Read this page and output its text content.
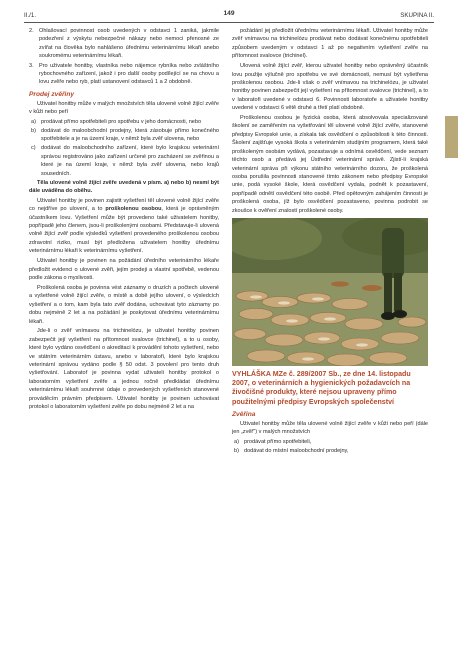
II./1.	149	SKUPINA II.
2. Ohlašovací povinnost osob uvedených v odstavci 1 zaniká, jakmile podezření z výskytu nebezpečné nákazy nebo nemoci přenosné ze zvířat na člověka bylo nahlášeno úřednímu veterinárnímu lékaři anebo soukromému veterinárnímu lékaři.
3. Pro uživatele honitby, vlastníka nebo nájemce rybníka nebo zvláštního rybochovného zařízení, jakož i pro další osoby podílející se na chovu a lovu zvěře nebo ryb, platí ustanovení odstavců 1 a 2 obdobně.
Prodej zvěřiny

Uživatel honitby může v malých množstvích těla ulovené volně žijící zvěře v kůži nebo peří

a) prodávat přímo spotřebiteli pro spotřebu v jeho domácnosti, nebo
b) dodávat do maloobchodní prodejny, která zásobuje přímo konečného spotřebitele a je na území kraje, v němž byla zvěř ulovena, nebo
c) dodávat do maloobchodního zařízení, které bylo krajskou veterinární správou registrováno jako zařízení určené pro zacházení se zvěřinou a které je na území kraje, v němž byla zvěř ulovena, nebo krajů sousedních.

Těla ulovené volně žijící zvěře uvedená v písm. a) nebo b) nesmí být dále uváděna do oběhu.

Uživatel honitby je povinen zajistit vyšetření těl ulovené volně žijící zvěře co nejdříve po ulovení, a to proškolenou osobou, která je oprávněným účastníkem lovu. Vyšetření může být provedeno také uživatelem honitby, popřípadě jeho členem, jsou-li proškolenými osobami. Představuje-li ulovená volně žijící zvěř podle výsledků vyšetření provedeného proškolenou osobou zdravotní riziko, musí být předložena uživatelem honitby úřednímu veterinárnímu lékaři k veterinárnímu vyšetření.

Uživatel honitby je povinen na požádání úředního veterinárního lékaře předložit evidenci o ulovené zvěři, jejím prodeji a vlastní spotřebě, vedenou podle zákona o myslivosti.

Proškolená osoba je povinna vést záznamy o druzích a počtech ulovené a vyšetřené volně žijící zvěře, o místě a době jejího ulovení, o výsledcích vyšetření a o tom, kam byla tato zvěř dodána, uchovávat tyto záznamy po dobu nejméně 2 let a na požádání je poskytovat úřednímu veterinárnímu lékaři.

Jde-li o zvěř vnímavou na trichinelózu, je uživatel honitby povinen zabezpečit její vyšetření na přítomnost svalovce (trichinel), a to u osoby, které bylo vydáno osvědčení o akreditaci k provádění tohoto vyšetření, nebo ve státním veterinárním ústavu, anebo v laboratoři, které bylo krajskou veterinární správou vydáno podle § 50 odst. 3 povolení pro tento druh vyšetřování. Laboratoř je povinna vydat uživateli honitby protokol o laboratorním vyšetření zvěře a jednou ročně předkládat úřednímu veterinárnímu lékaři souhrnné údaje o provedených vyšetřeních stanovené prováděcím právním předpisem. Uživatel honitby je povinen uchovávat protokol o laboratorním vyšetření zvěře po dobu nejméně 2 let a na

požádání jej předložit úřednímu veterinárnímu lékaři. Uživatel honitby může zvěř vnímavou na trichinelózu prodávat nebo dodávat konečnému spotřebiteli způsobem uvedeným v odstavci 1 až po negativním vyšetření zvěře na přítomnost svalovce (trichinel).

Ulovená volně žijící zvěř, kterou uživatel honitby nebo oprávněný účastník lovu použije výlučně pro spotřebu ve své domácnosti, nemusí být vyšetřena proškolenou osobou. Jde-li však o zvěř vnímavou na trichinelózu, je uživatel honitby povinen zabezpečit její vyšetření na přítomnost svalovce (trichinel), a to v laboratoři uvedené v odstavci 6. Povinnosti laboratoře a uživatele honitby uvedené v odstavci 6 větě druhé a třetí platí obdobně.

Proškolenou osobou je fyzická osoba, která absolvovala specializované školení se zaměřením na vyšetřování těl ulovené volně žijící zvěře, stanovené předpisy Evropské unie, a získala tak osvědčení o způsobilosti k této činnosti. Školení zajišťuje vysoká škola s veterinárním studijním programem, která také proškoleným osobám vydává, pozastavuje a odnímá osvědčení, vede seznam těchto osob a předává jej Ústřední veterinární správě. Zjistí-li krajská veterinární správa při výkonu státního veterinárního dozoru, že proškolená osoba porušila povinnosti stanovené tímto zákonem nebo předpisy Evropské unie, podá vysoké škole, která osvědčení vydala, podnět k pozastavení, popřípadě odnětí osvědčení této osobě. Před opětovným zahájením činnosti je proškolená osoba, jíž bylo osvědčení pozastaveno, povinna podrobit se zkoušce k ověření znalostí proškolené osoby.

VYHLÁŠKA MZe č. 289/2007 Sb., ze dne 14. listopadu 2007, o veterinárních a hygienických požadavcích na živočišné produkty, které nejsou upraveny přímo použitelnými předpisy Evropských společenství
Zvěřina

Uživatel honitby může těla ulovené volně žijící zvěře v kůži nebo peří (dále jen „zvěř") v malých množstvích

a) prodávat přímo spotřebiteli,
b) dodávat do místní maloobchodní prodejny,
